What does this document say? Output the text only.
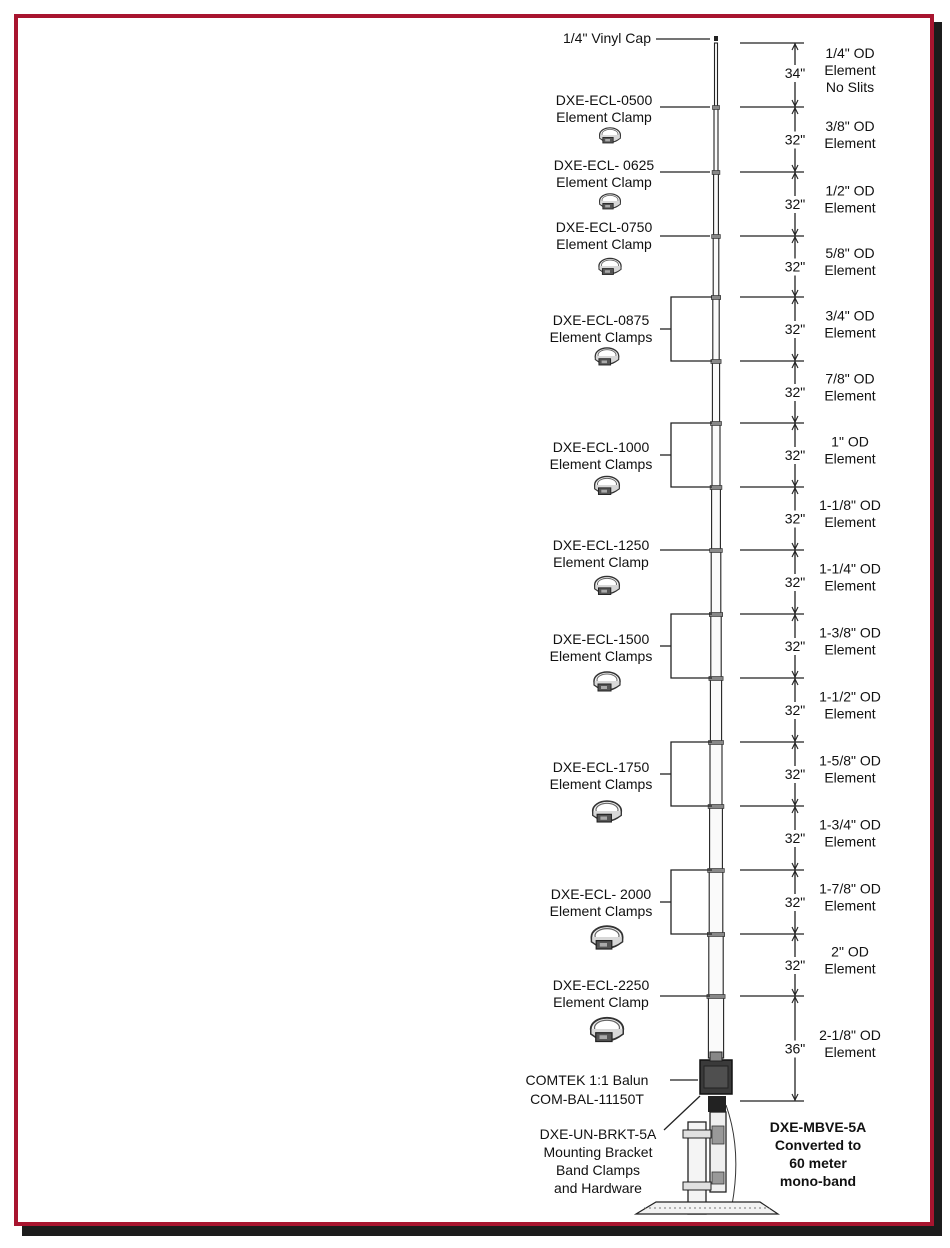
34"
32"
32"
32"
32"
32"
32"
32"
32"
32"
32"
32"
32"
32"
32"
36"
1/4" OD
Element
No Slits
3/8" OD
Element
1/2" OD
Element
5/8" OD
Element
3/4" OD
Element
7/8" OD
Element
1" OD
Element
1-1/8" OD
Element
1-1/4" OD
Element
1-3/8" OD
Element
1-1/2" OD
Element
1-5/8" OD
Element
1-3/4" OD
Element
1-7/8" OD
Element
2" OD
Element
2-1/8" OD
Element
DXE-ECL-0500
Element Clamp
DXE-ECL- 0625
Element Clamp
DXE-ECL-0750
Element Clamp
DXE-ECL-0875
Element Clamps
DXE-ECL-1000
Element Clamps
DXE-ECL-1250
Element Clamp
DXE-ECL-1500
Element Clamps
DXE-ECL-1750
Element Clamps
DXE-ECL- 2000
Element Clamps
DXE-ECL-2250
Element Clamp
1/4" Vinyl Cap
COMTEK 1:1 Balun
COM-BAL-11150T
DXE-UN-BRKT-5A
Mounting Bracket
Band Clamps
and Hardware
DXE-MBVE-5A
Converted to
60 meter
mono-band
